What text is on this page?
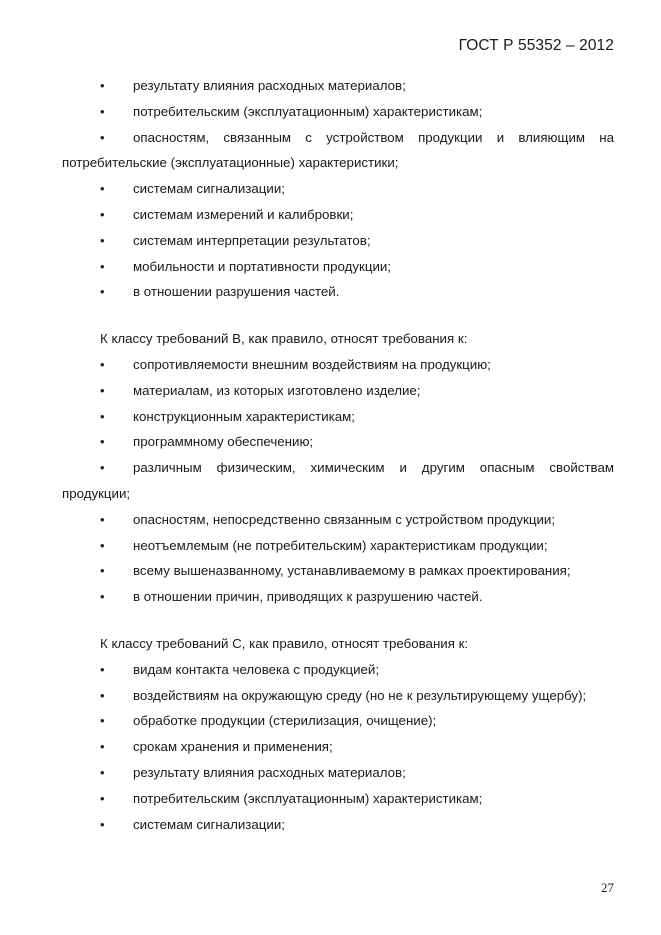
ГОСТ Р 55352 – 2012
•	результату влияния расходных материалов;
•	потребительским (эксплуатационным) характеристикам;
•	опасностям, связанным с устройством продукции и влияющим на потребительские (эксплуатационные) характеристики;
•	системам сигнализации;
•	системам измерений и калибровки;
•	системам интерпретации результатов;
•	мобильности и портативности продукции;
•	в отношении разрушения частей.
К классу требований В, как правило, относят требования к:
•	сопротивляемости внешним воздействиям на продукцию;
•	материалам, из которых изготовлено изделие;
•	конструкционным характеристикам;
•	программному обеспечению;
•	различным физическим, химическим и другим опасным свойствам продукции;
•	опасностям, непосредственно связанным с устройством продукции;
•	неотъемлемым (не потребительским) характеристикам продукции;
•	всему вышеназванному, устанавливаемому в рамках проектирования;
•	в отношении причин, приводящих к разрушению частей.
К классу требований С, как правило, относят требования к:
•	видам контакта человека с продукцией;
•	воздействиям на окружающую среду (но не к результирующему ущербу);
•	обработке продукции (стерилизация, очищение);
•	срокам хранения и применения;
•	результату влияния расходных материалов;
•	потребительским (эксплуатационным) характеристикам;
•	системам сигнализации;
27
